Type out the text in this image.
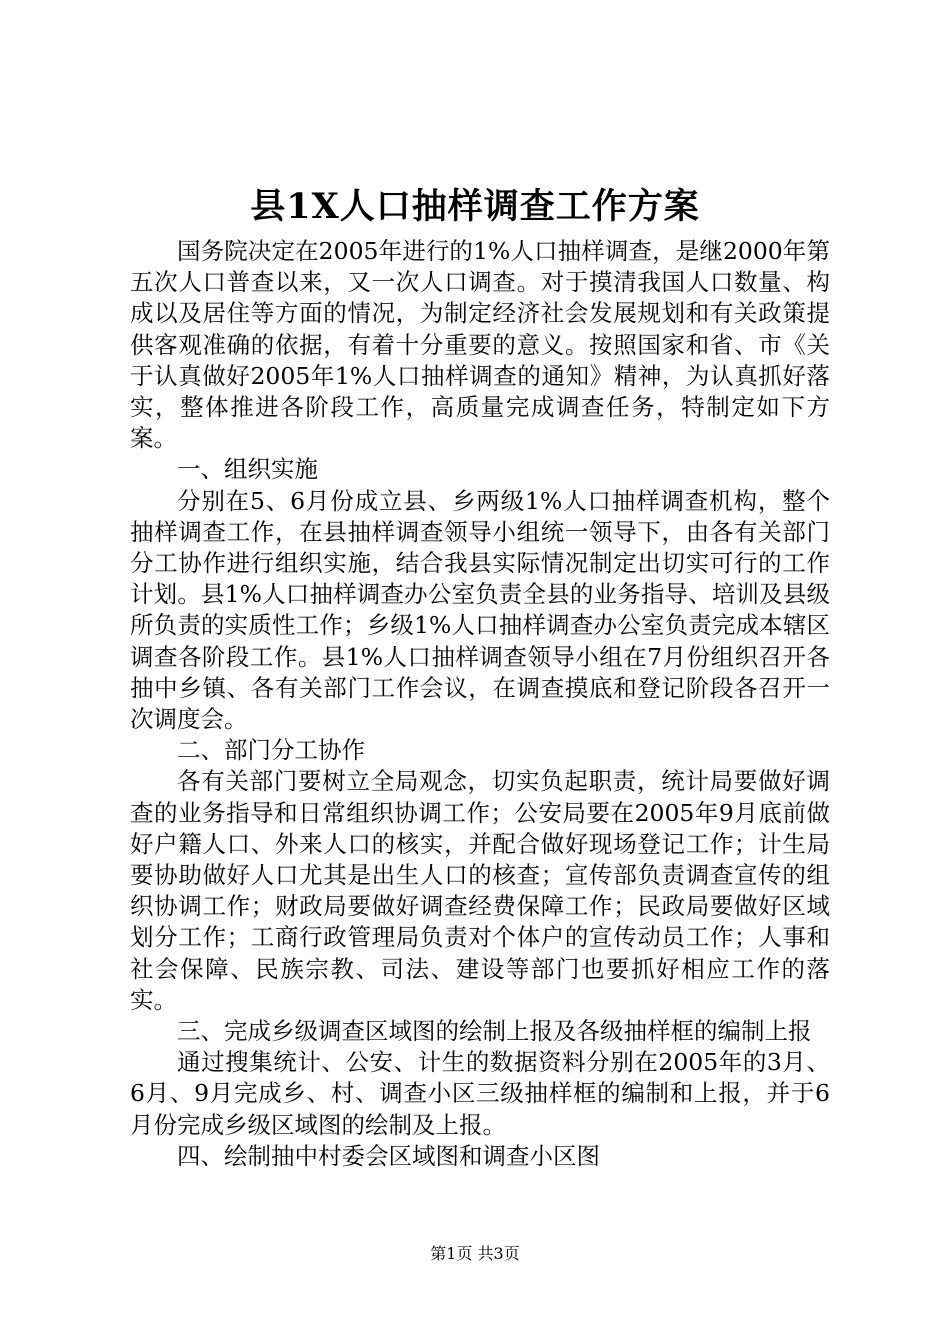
县1X人口抽样调查工作方案

国务院决定在2005年进行的1%人口抽样调查，是继2000年第五次人口普查以来，又一次人口调查。对于摸清我国人口数量、构成以及居住等方面的情况，为制定经济社会发展规划和有关政策提供客观准确的依据，有着十分重要的意义。按照国家和省、市《关于认真做好2005年1%人口抽样调查的通知》精神，为认真抓好落实，整体推进各阶段工作，高质量完成调查任务，特制定如下方案。

一、组织实施

分别在5、6月份成立县、乡两级1%人口抽样调查机构，整个抽样调查工作，在县抽样调查领导小组统一领导下，由各有关部门分工协作进行组织实施，结合我县实际情况制定出切实可行的工作计划。县1%人口抽样调查办公室负责全县的业务指导、培训及县级所负责的实质性工作；乡级1%人口抽样调查办公室负责完成本辖区调查各阶段工作。县1%人口抽样调查领导小组在7月份组织召开各抽中乡镇、各有关部门工作会议，在调查摸底和登记阶段各召开一次调度会。

二、部门分工协作

各有关部门要树立全局观念，切实负起职责，统计局要做好调查的业务指导和日常组织协调工作；公安局要在2005年9月底前做好户籍人口、外来人口的核实，并配合做好现场登记工作；计生局要协助做好人口尤其是出生人口的核查；宣传部负责调查宣传的组织协调工作；财政局要做好调查经费保障工作；民政局要做好区域划分工作；工商行政管理局负责对个体户的宣传动员工作；人事和社会保障、民族宗教、司法、建设等部门也要抓好相应工作的落实。

三、完成乡级调查区域图的绘制上报及各级抽样框的编制上报

通过搜集统计、公安、计生的数据资料分别在2005年的3月、6月、9月完成乡、村、调查小区三级抽样框的编制和上报，并于6月份完成乡级区域图的绘制及上报。

四、绘制抽中村委会区域图和调查小区图

第1页 共3页
